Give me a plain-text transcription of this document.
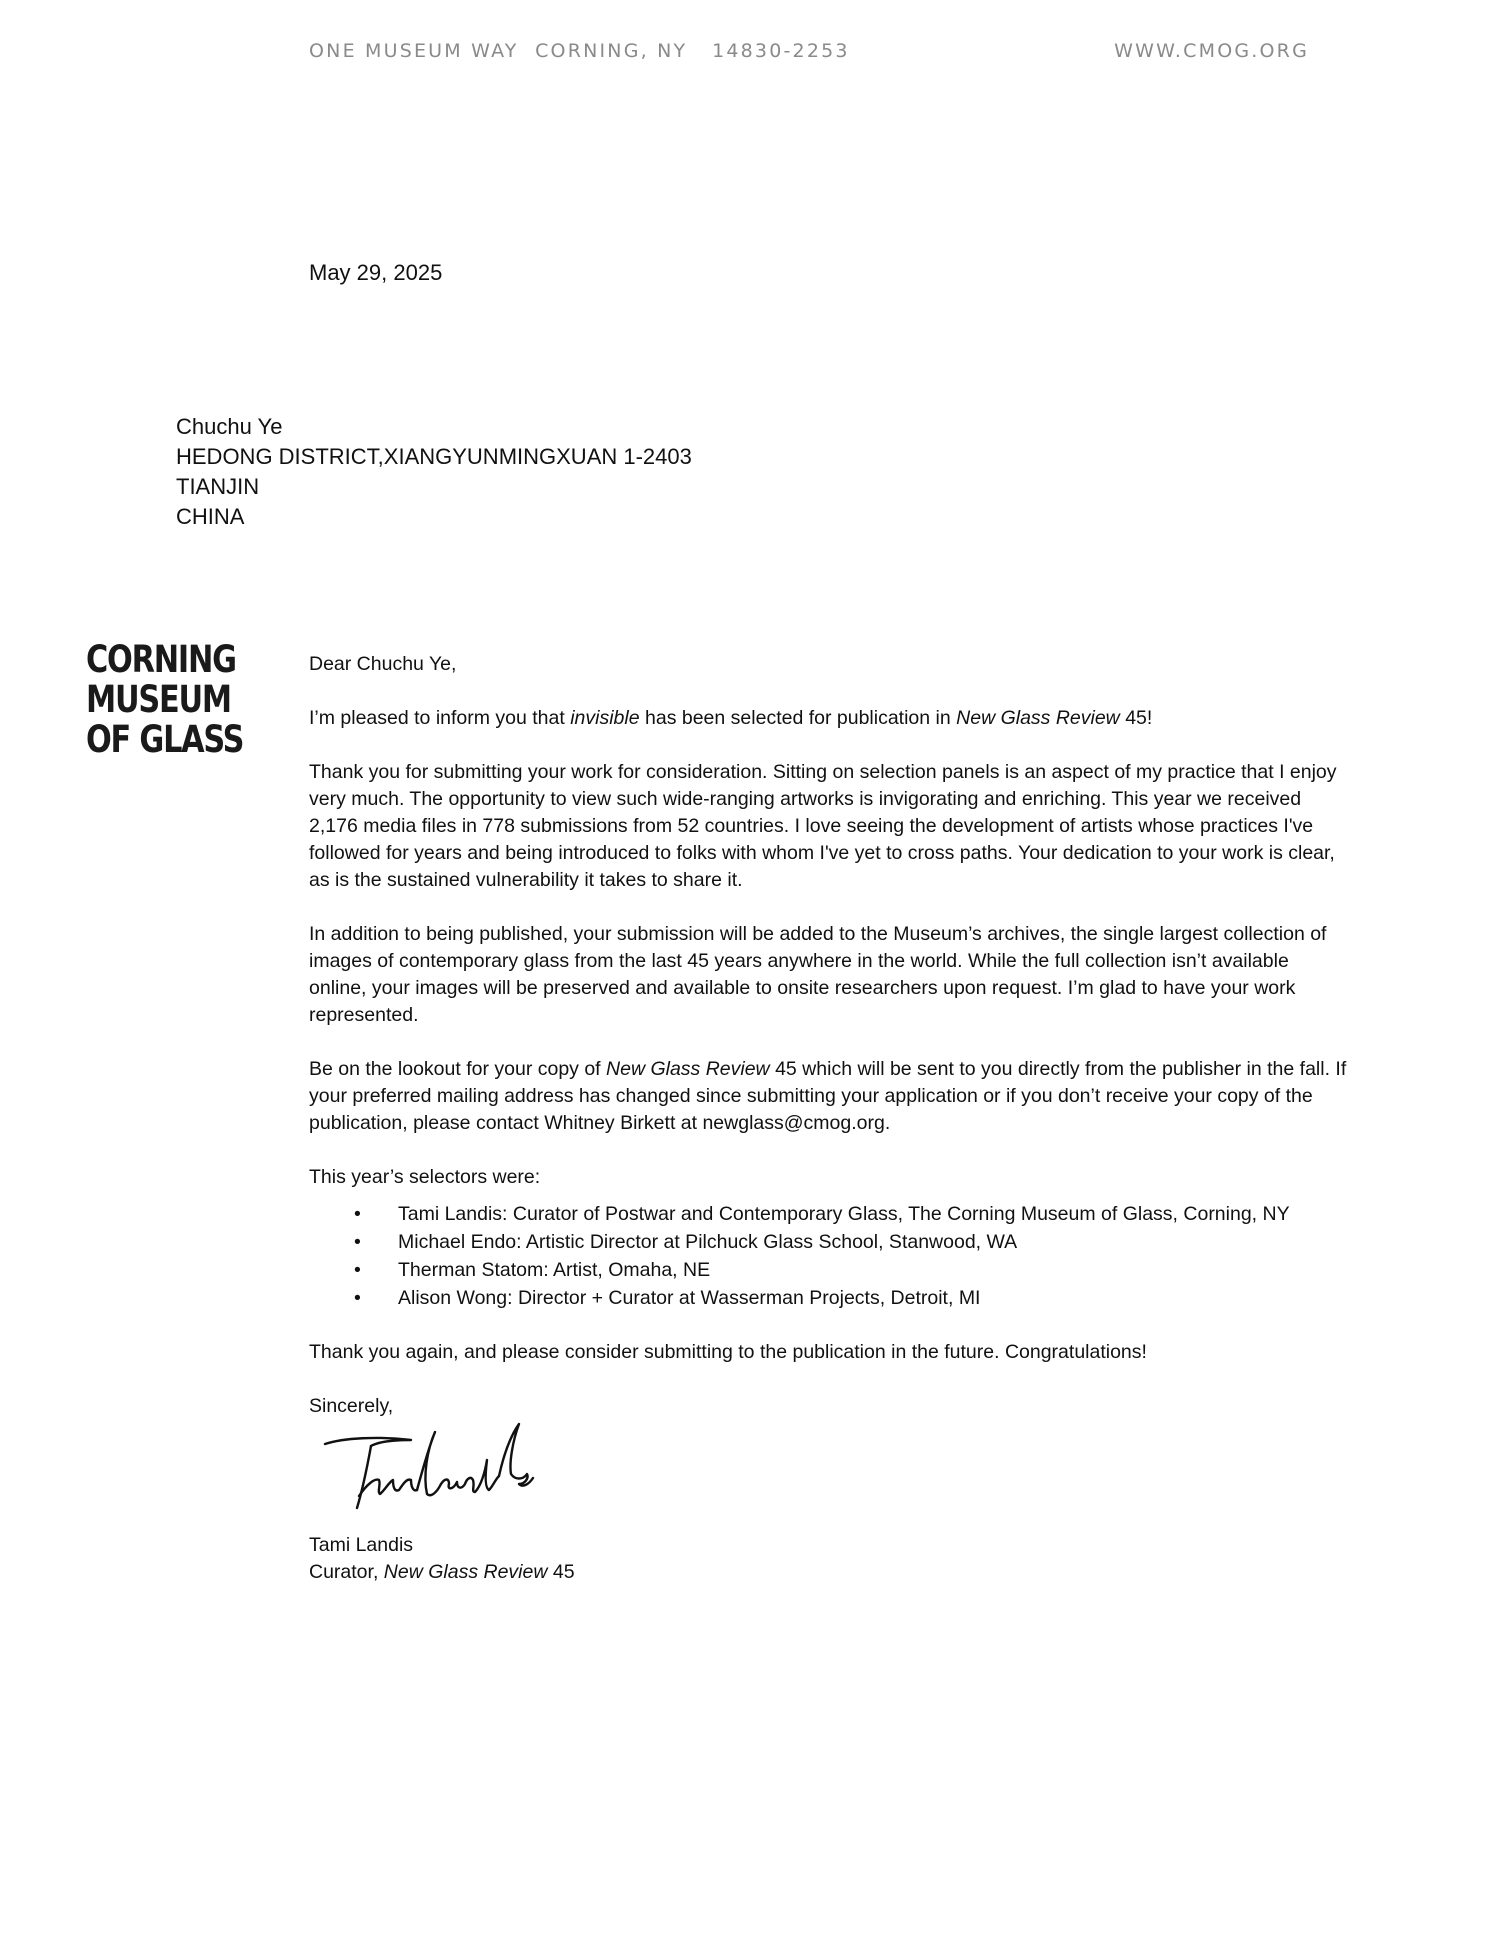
ONE MUSEUM WAY  CORNING, NY   14830-2253	WWW.CMOG.ORG
May 29, 2025
Chuchu Ye
HEDONG DISTRICT,XIANGYUNMINGXUAN 1-2403
TIANJIN
CHINA
CORNING
MUSEUM
OF GLASS

Dear Chuchu Ye,

I’m pleased to inform you that invisible has been selected for publication in New Glass Review 45!

Thank you for submitting your work for consideration. Sitting on selection panels is an aspect of my practice that I enjoy very much. The opportunity to view such wide-ranging artworks is invigorating and enriching. This year we received 2,176 media files in 778 submissions from 52 countries. I love seeing the development of artists whose practices I've followed for years and being introduced to folks with whom I've yet to cross paths. Your dedication to your work is clear, as is the sustained vulnerability it takes to share it.

In addition to being published, your submission will be added to the Museum’s archives, the single largest collection of images of contemporary glass from the last 45 years anywhere in the world. While the full collection isn’t available online, your images will be preserved and available to onsite researchers upon request. I’m glad to have your work represented.

Be on the lookout for your copy of New Glass Review 45 which will be sent to you directly from the publisher in the fall. If your preferred mailing address has changed since submitting your application or if you don’t receive your copy of the publication, please contact Whitney Birkett at newglass@cmog.org.

This year’s selectors were:

• Tami Landis: Curator of Postwar and Contemporary Glass, The Corning Museum of Glass, Corning, NY
• Michael Endo: Artistic Director at Pilchuck Glass School, Stanwood, WA
• Therman Statom: Artist, Omaha, NE
• Alison Wong: Director + Curator at Wasserman Projects, Detroit, MI

Thank you again, and please consider submitting to the publication in the future. Congratulations!

Sincerely,

Tami Landis
Curator, New Glass Review 45
